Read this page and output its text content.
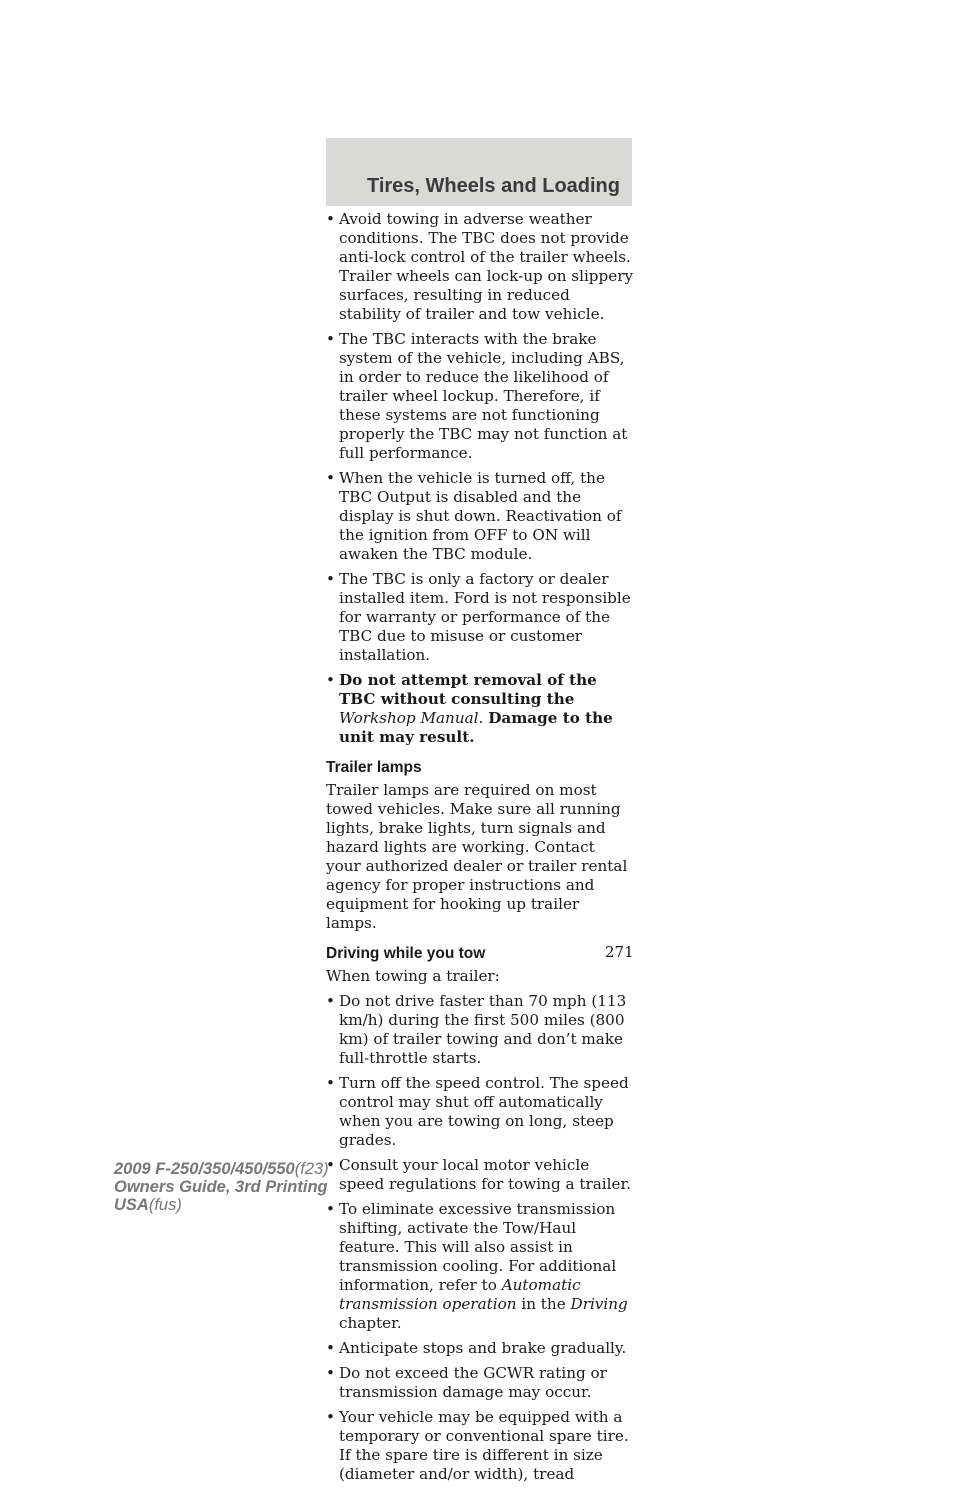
Tires, Wheels and Loading
• Avoid towing in adverse weather conditions. The TBC does not provide anti-lock control of the trailer wheels. Trailer wheels can lock-up on slippery surfaces, resulting in reduced stability of trailer and tow vehicle.
• The TBC interacts with the brake system of the vehicle, including ABS, in order to reduce the likelihood of trailer wheel lockup. Therefore, if these systems are not functioning properly the TBC may not function at full performance.
• When the vehicle is turned off, the TBC Output is disabled and the display is shut down. Reactivation of the ignition from OFF to ON will awaken the TBC module.
• The TBC is only a factory or dealer installed item. Ford is not responsible for warranty or performance of the TBC due to misuse or customer installation.
• Do not attempt removal of the TBC without consulting the Workshop Manual. Damage to the unit may result.
Trailer lamps

Trailer lamps are required on most towed vehicles. Make sure all running lights, brake lights, turn signals and hazard lights are working. Contact your authorized dealer or trailer rental agency for proper instructions and equipment for hooking up trailer lamps.

Driving while you tow

When towing a trailer:

• Do not drive faster than 70 mph (113 km/h) during the first 500 miles (800 km) of trailer towing and don’t make full-throttle starts.
• Turn off the speed control. The speed control may shut off automatically when you are towing on long, steep grades.
• Consult your local motor vehicle speed regulations for towing a trailer.
• To eliminate excessive transmission shifting, activate the Tow/Haul feature. This will also assist in transmission cooling. For additional information, refer to Automatic transmission operation in the Driving chapter.
• Anticipate stops and brake gradually.
• Do not exceed the GCWR rating or transmission damage may occur.
• Your vehicle may be equipped with a temporary or conventional spare tire. If the spare tire is different in size (diameter and/or width), tread
271
2009 F-250/350/450/550(f23)
Owners Guide, 3rd Printing
USA(fus)
